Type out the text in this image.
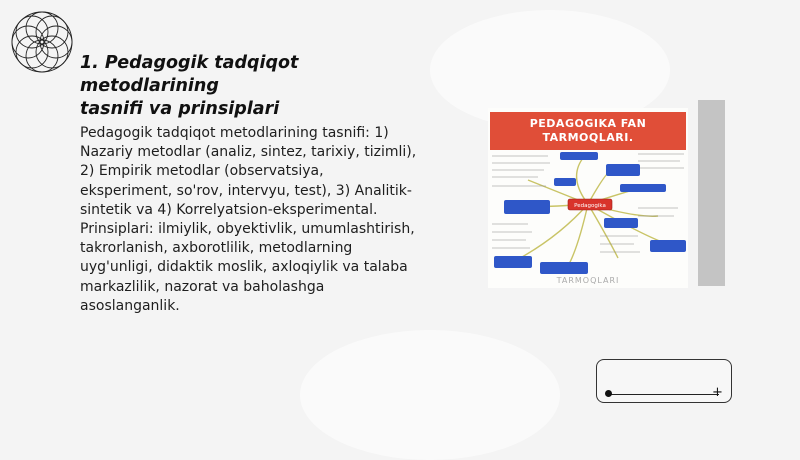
1. Pedagogik tadqiqot metodlarining
tasnifi va prinsiplari

Pedagogik tadqiqot metodlarining tasnifi: 1) Nazariy metodlar (analiz, sintez, tarixiy, tizimli), 2) Empirik metodlar (observatsiya, eksperiment, so'rov, intervyu, test), 3) Analitik-sintetik va 4) Korrelyatsion-eksperimental. Prinsiplari: ilmiylik, obyektivlik, umumlashtirish, takrorlanish, axborotlilik, metodlarning uyg'unligi, didaktik moslik, axloqiylik va talaba markazlilik, nazorat va baholashga asoslanganlik.

PEDAGOGIKA FAN
TARMOQLARI.
Pedagogika
TARMOQLARI
+
